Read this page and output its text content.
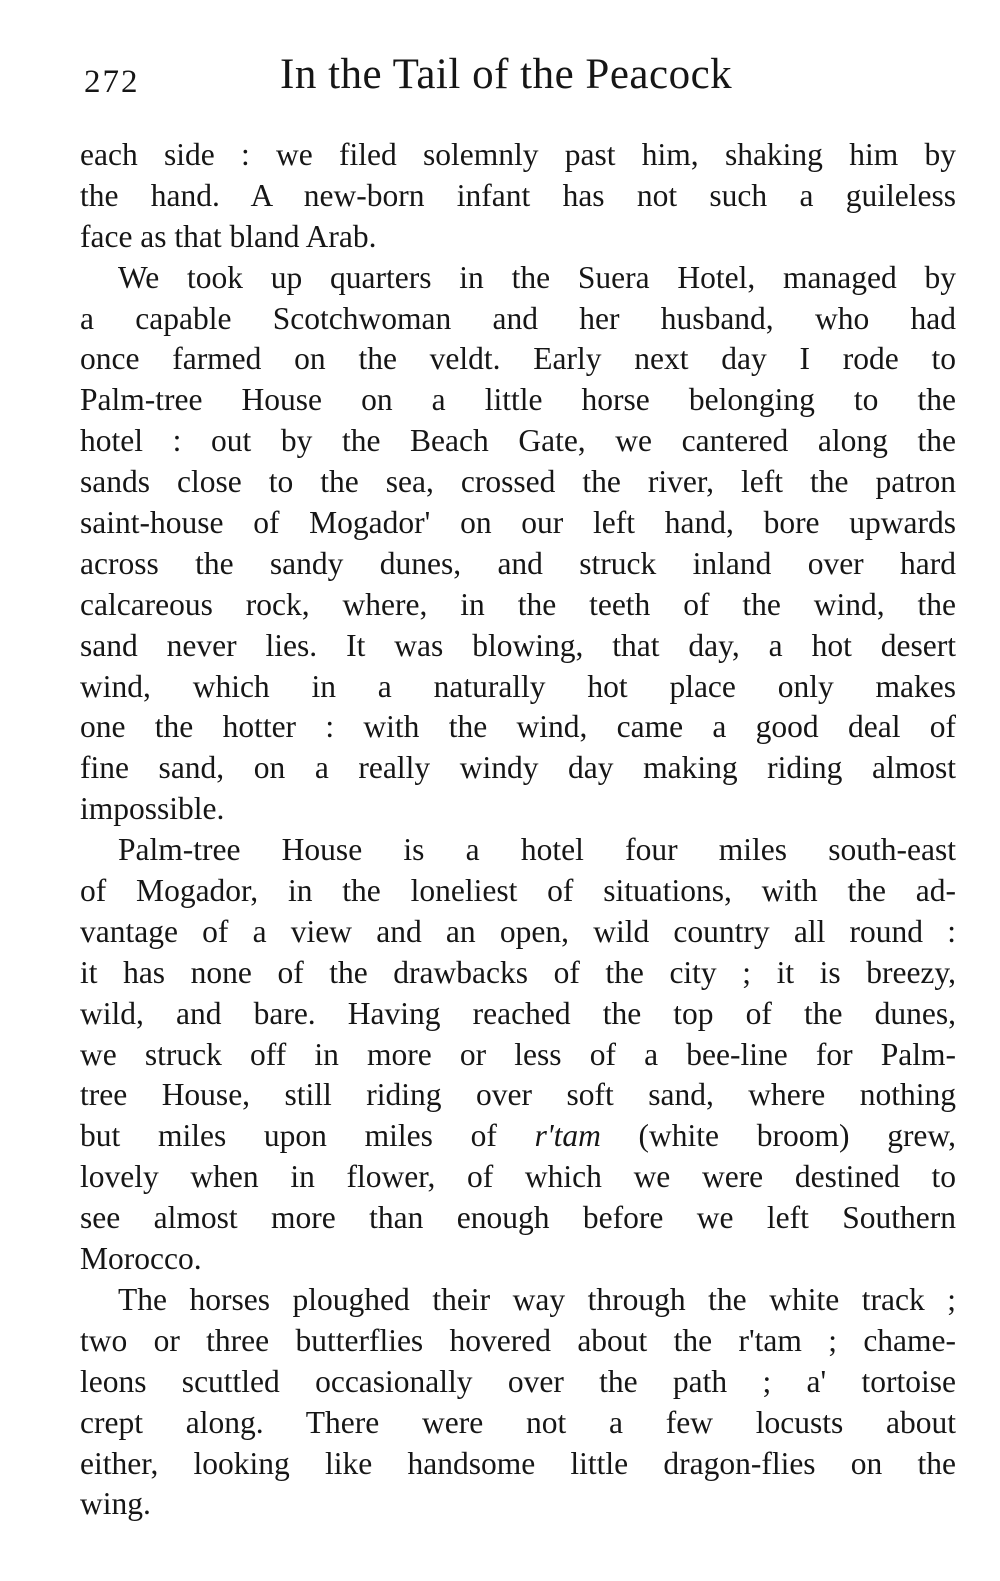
272	In the Tail of the Peacock
each side : we filed solemnly past him, shaking him by
the hand. A new-born infant has not such a guileless
face as that bland Arab.
We took up quarters in the Suera Hotel, managed by
a capable Scotchwoman and her husband, who had
once farmed on the veldt. Early next day I rode to
Palm-tree House on a little horse belonging to the
hotel : out by the Beach Gate, we cantered along the
sands close to the sea, crossed the river, left the patron
saint-house of Mogador' on our left hand, bore upwards
across the sandy dunes, and struck inland over hard
calcareous rock, where, in the teeth of the wind, the
sand never lies. It was blowing, that day, a hot desert
wind, which in a naturally hot place only makes
one the hotter : with the wind, came a good deal of
fine sand, on a really windy day making riding almost
impossible.
Palm-tree House is a hotel four miles south-east
of Mogador, in the loneliest of situations, with the ad-
vantage of a view and an open, wild country all round :
it has none of the drawbacks of the city ; it is breezy,
wild, and bare. Having reached the top of the dunes,
we struck off in more or less of a bee-line for Palm-
tree House, still riding over soft sand, where nothing
but miles upon miles of r'tam (white broom) grew,
lovely when in flower, of which we were destined to
see almost more than enough before we left Southern
Morocco.
The horses ploughed their way through the white track ;
two or three butterflies hovered about the r'tam ; chame-
leons scuttled occasionally over the path ; a' tortoise
crept along. There were not a few locusts about
either, looking like handsome little dragon-flies on the
wing.
